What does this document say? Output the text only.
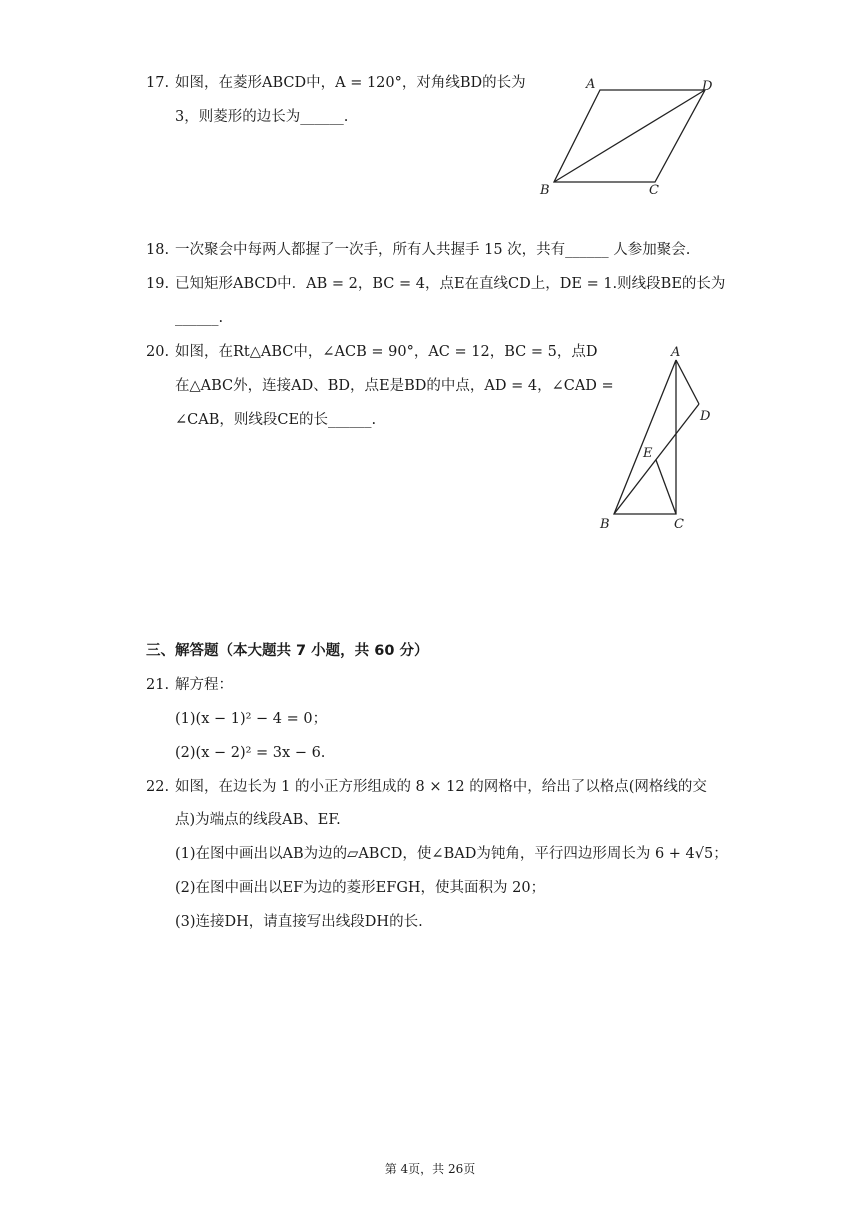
17. 如图，在菱形ABCD中，A = 120°，对角线BD的长为
3，则菱形的边长为______.
A	D
B	C
18. 一次聚会中每两人都握了一次手，所有人共握手 15 次，共有______ 人参加聚会.
19. 已知矩形ABCD中．AB = 2，BC = 4，点E在直线CD上，DE = 1.则线段BE的长为
______.
20. 如图，在Rt△ABC中，∠ACB = 90°，AC = 12，BC = 5，点D
在△ABC外，连接AD、BD，点E是BD的中点，AD = 4，∠CAD =
∠CAB，则线段CE的长______.
A
D
E
B	C
三、解答题（本大题共 7 小题，共 60 分）
21. 解方程：
(1)(x − 1)² − 4 = 0；
(2)(x − 2)² = 3x − 6.
22. 如图，在边长为 1 的小正方形组成的 8 × 12 的网格中，给出了以格点(网格线的交
点)为端点的线段AB、EF.
(1)在图中画出以AB为边的▱ABCD，使∠BAD为钝角，平行四边形周长为 6 + 4√5；
(2)在图中画出以EF为边的菱形EFGH，使其面积为 20；
(3)连接DH，请直接写出线段DH的长.
第 4页，共 26页
